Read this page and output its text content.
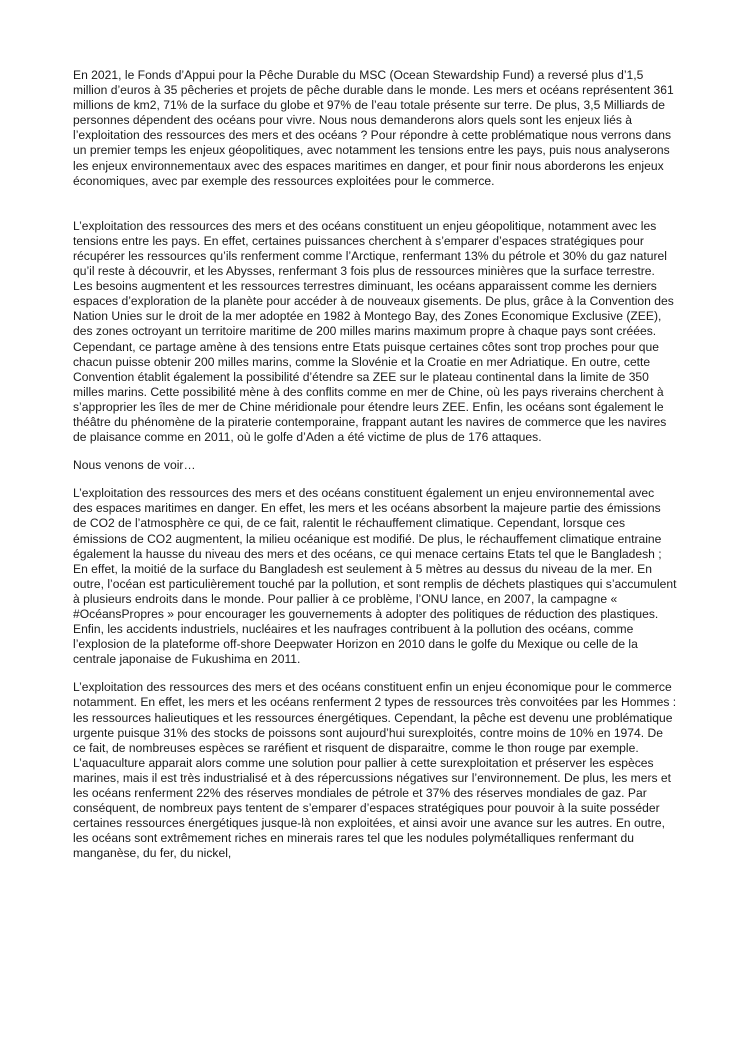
En 2021, le Fonds d’Appui pour la Pêche Durable du MSC (Ocean Stewardship Fund) a reversé plus d’1,5 million d’euros à 35 pêcheries et projets de pêche durable dans le monde. Les mers et océans représentent 361 millions de km2, 71% de la surface du globe et 97% de l’eau totale présente sur terre. De plus, 3,5 Milliards de personnes dépendent des océans pour vivre. Nous nous demanderons alors quels sont les enjeux liés à l’exploitation des ressources des mers et des océans ? Pour répondre à cette problématique nous verrons dans un premier temps les enjeux géopolitiques, avec notamment les tensions entre les pays, puis nous analyserons les enjeux environnementaux avec des espaces maritimes en danger, et pour finir nous aborderons les enjeux économiques, avec par exemple des ressources exploitées pour le commerce.

L’exploitation des ressources des mers et des océans constituent un enjeu géopolitique, notamment avec les tensions entre les pays. En effet, certaines puissances cherchent à s’emparer d’espaces stratégiques pour récupérer les ressources qu’ils renferment comme l’Arctique, renfermant 13% du pétrole et 30% du gaz naturel qu’il reste à découvrir, et les Abysses, renfermant 3 fois plus de ressources minières que la surface terrestre. Les besoins augmentent et les ressources terrestres diminuant, les océans apparaissent comme les derniers espaces d’exploration de la planète pour accéder à de nouveaux gisements. De plus, grâce à la Convention des Nation Unies sur le droit de la mer adoptée en 1982 à Montego Bay, des Zones Economique Exclusive (ZEE), des zones octroyant un territoire maritime de 200 milles marins maximum propre à chaque pays sont créées. Cependant, ce partage amène à des tensions entre Etats puisque certaines côtes sont trop proches pour que chacun puisse obtenir 200 milles marins, comme la Slovénie et la Croatie en mer Adriatique. En outre, cette Convention établit également la possibilité d’étendre sa ZEE sur le plateau continental dans la limite de 350 milles marins. Cette possibilité mène à des conflits comme en mer de Chine, où les pays riverains cherchent à s’approprier les îles de mer de Chine méridionale pour étendre leurs ZEE. Enfin, les océans sont également le théâtre du phénomène de la piraterie contemporaine, frappant autant les navires de commerce que les navires de plaisance comme en 2011, où le golfe d’Aden a été victime de plus de 176 attaques.

Nous venons de voir…

L’exploitation des ressources des mers et des océans constituent également un enjeu environnemental avec des espaces maritimes en danger. En effet, les mers et les océans absorbent la majeure partie des émissions de CO2 de l’atmosphère ce qui, de ce fait, ralentit le réchauffement climatique. Cependant, lorsque ces émissions de CO2 augmentent, la milieu océanique est modifié. De plus, le réchauffement climatique entraine également la hausse du niveau des mers et des océans, ce qui menace certains Etats tel que le Bangladesh ; En effet, la moitié de la surface du Bangladesh est seulement à 5 mètres au dessus du niveau de la mer. En outre, l’océan est particulièrement touché par la pollution, et sont remplis de déchets plastiques qui s’accumulent à plusieurs endroits dans le monde. Pour pallier à ce problème, l’ONU lance, en 2007, la campagne « #OcéansPropres » pour encourager les gouvernements à adopter des politiques de réduction des plastiques. Enfin, les accidents industriels, nucléaires et les naufrages contribuent à la pollution des océans, comme l’explosion de la plateforme off-shore Deepwater Horizon en 2010 dans le golfe du Mexique ou celle de la centrale japonaise de Fukushima en 2011.

L’exploitation des ressources des mers et des océans constituent enfin un enjeu économique pour le commerce notamment. En effet, les mers et les océans renferment 2 types de ressources très convoitées par les Hommes : les ressources halieutiques et les ressources énergétiques. Cependant, la pêche est devenu une problématique urgente puisque 31% des stocks de poissons sont aujourd’hui surexploités, contre moins de 10% en 1974. De ce fait, de nombreuses espèces se raréfient et risquent de disparaitre, comme le thon rouge par exemple. L’aquaculture apparait alors comme une solution pour pallier à cette surexploitation et préserver les espèces marines, mais il est très industrialisé et à des répercussions négatives sur l’environnement. De plus, les mers et les océans renferment 22% des réserves mondiales de pétrole et 37% des réserves mondiales de gaz. Par conséquent, de nombreux pays tentent de s’emparer d’espaces stratégiques pour pouvoir à la suite posséder certaines ressources énergétiques jusque-là non exploitées, et ainsi avoir une avance sur les autres. En outre, les océans sont extrêmement riches en minerais rares tel que les nodules polymétalliques renfermant du manganèse, du fer, du nickel,
